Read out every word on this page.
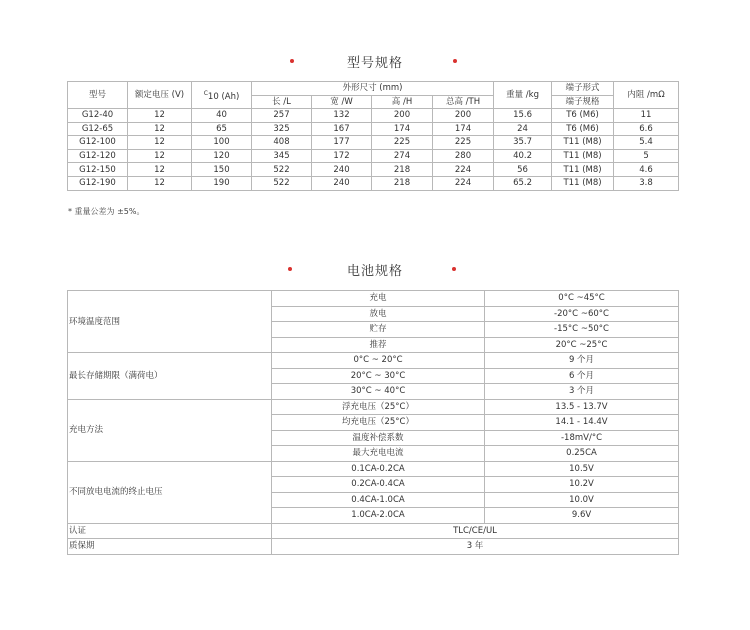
型号规格
型号	额定电压 (V)	$^C$10 (Ah)	外形尺寸 (mm)				重量 /kg	端子形式	内阻 /mΩ
			长 /L	宽 /W	高 /H	总高 /TH		端子规格	
G12-40	12	40	257	132	200	200	15.6	T6 (M6)	11
G12-65	12	65	325	167	174	174	24	T6 (M6)	6.6
G12-100	12	100	408	177	225	225	35.7	T11 (M8)	5.4
G12-120	12	120	345	172	274	280	40.2	T11 (M8)	5
G12-150	12	150	522	240	218	224	56	T11 (M8)	4.6
G12-190	12	190	522	240	218	224	65.2	T11 (M8)	3.8
* 重量公差为 ±5%。
电池规格
环境温度范围	充电	0°C ~45°C
	放电	-20°C ~60°C
	贮存	-15°C ~50°C
	推荐	20°C ~25°C
最长存储期限（满荷电）	0°C ~ 20°C	9 个月
	20°C ~ 30°C	6 个月
	30°C ~ 40°C	3 个月
充电方法	浮充电压（25°C）	13.5 - 13.7V
	均充电压（25°C）	14.1 - 14.4V
	温度补偿系数	-18mV/°C
	最大充电电流	0.25CA
不同放电电流的终止电压	0.1CA-0.2CA	10.5V
	0.2CA-0.4CA	10.2V
	0.4CA-1.0CA	10.0V
	1.0CA-2.0CA	9.6V
认证	TLC/CE/UL	
质保期	3 年	
